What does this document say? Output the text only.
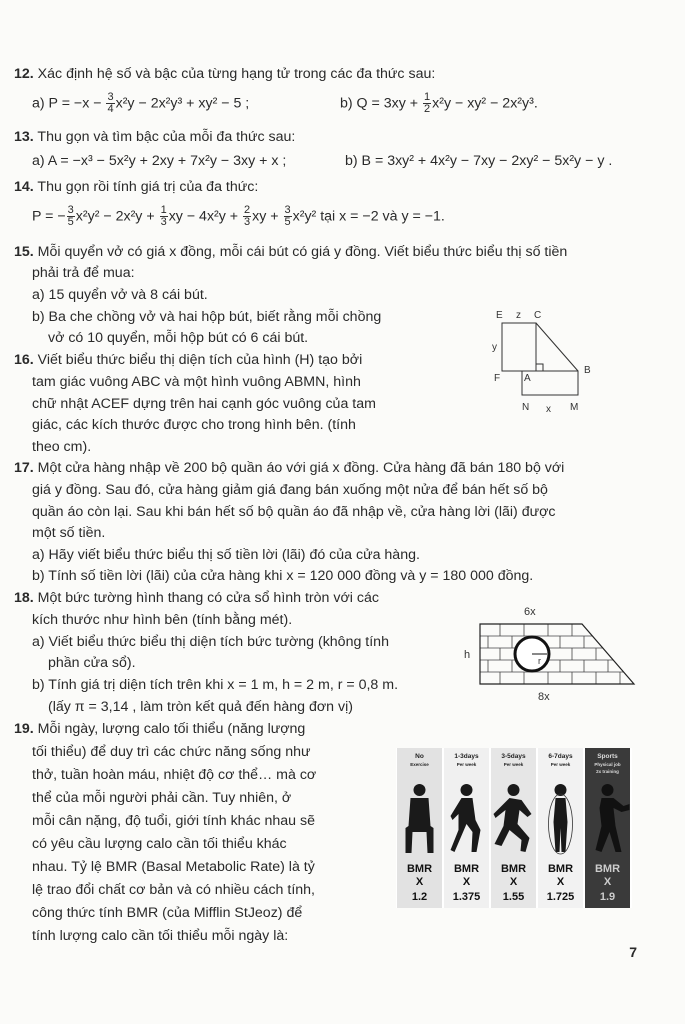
12. Xác định hệ số và bậc của từng hạng tử trong các đa thức sau:
a) $P = -x - \frac{3}{4} x^2y - 2x^2y^3 + xy^2 - 5$ ;	b) $Q = 3xy + \frac{1}{2} x^2y - xy^2 - 2x^2y^3$.
13. Thu gọn và tìm bậc của mỗi đa thức sau:
a) A = −x³ − 5x²y + 2xy + 7x²y − 3xy + x ;	b) B = 3xy² + 4x²y − 7xy − 2xy² − 5x²y − y .
14. Thu gọn rồi tính giá trị của đa thức:
P = − $\frac{3}{5} x^2y^2 - 2x^2y + \frac{1}{3}$ xy − $4x^2y + \frac{2}{3}$ xy + $\frac{3}{5} x^2y^2$ tại x = −2 và y = −1.
15. Mỗi quyển vở có giá x đồng, mỗi cái bút có giá y đồng. Viết biểu thức biểu thị số tiền
phải trả để mua:
a) 15 quyển vở và 8 cái bút.
b) Ba che chồng vở và hai hộp bút, biết rằng mỗi chồng
vở có 10 quyển, mỗi hộp bút có 6 cái bút.
16. Viết biểu thức biểu thị diện tích của hình (H) tạo bởi
tam giác vuông ABC và một hình vuông ABMN, hình
chữ nhật ACEF dựng trên hai cạnh góc vuông của tam
giác, các kích thước được cho trong hình bên. (tính
theo cm).
E z C
y
F A
B
N x M
17. Một cửa hàng nhập về 200 bộ quần áo với giá x đồng. Cửa hàng đã bán 180 bộ với
giá y đồng. Sau đó, cửa hàng giảm giá đang bán xuống một nửa để bán hết số bộ
quần áo còn lại. Sau khi bán hết số bộ quần áo đã nhập về, cửa hàng lời (lãi) được
một số tiền.
a) Hãy viết biểu thức biểu thị số tiền lời (lãi) đó của cửa hàng.
b) Tính số tiền lời (lãi) của cửa hàng khi x = 120 000 đồng và y = 180 000 đồng.
18. Một bức tường hình thang có cửa sổ hình tròn với các
kích thước như hình bên (tính bằng mét).
a) Viết biểu thức biểu thị diện tích bức tường (không tính
phần cửa sổ).
b) Tính giá trị diện tích trên khi x = 1 m, h = 2 m, r = 0,8 m.
(lấy π = 3,14 , làm tròn kết quả đến hàng đơn vị)
6x
h	r
8x
19. Mỗi ngày, lượng calo tối thiểu (năng lượng
tối thiểu) để duy trì các chức năng sống như
thở, tuần hoàn máu, nhiệt độ cơ thể… mà cơ
thể của mỗi người phải cần. Tuy nhiên, ở
mỗi cân nặng, độ tuổi, giới tính khác nhau sẽ
có yêu cầu lượng calo cần tối thiểu khác
nhau. Tỷ lệ BMR (Basal Metabolic Rate) là tỷ
lệ trao đổi chất cơ bản và có nhiều cách tính,
công thức tính BMR (của Mifflin StJeoz) để
tính lượng calo cần tối thiểu mỗi ngày là:
No
Exercise
BMR
X
1.2
1-3days
Per week
BMR
X
1.375
3-5days
Per week
BMR
X
1.55
6-7days
Per week
BMR
X
1.725
Sports
Physical job
2x training
BMR
X
1.9
7
